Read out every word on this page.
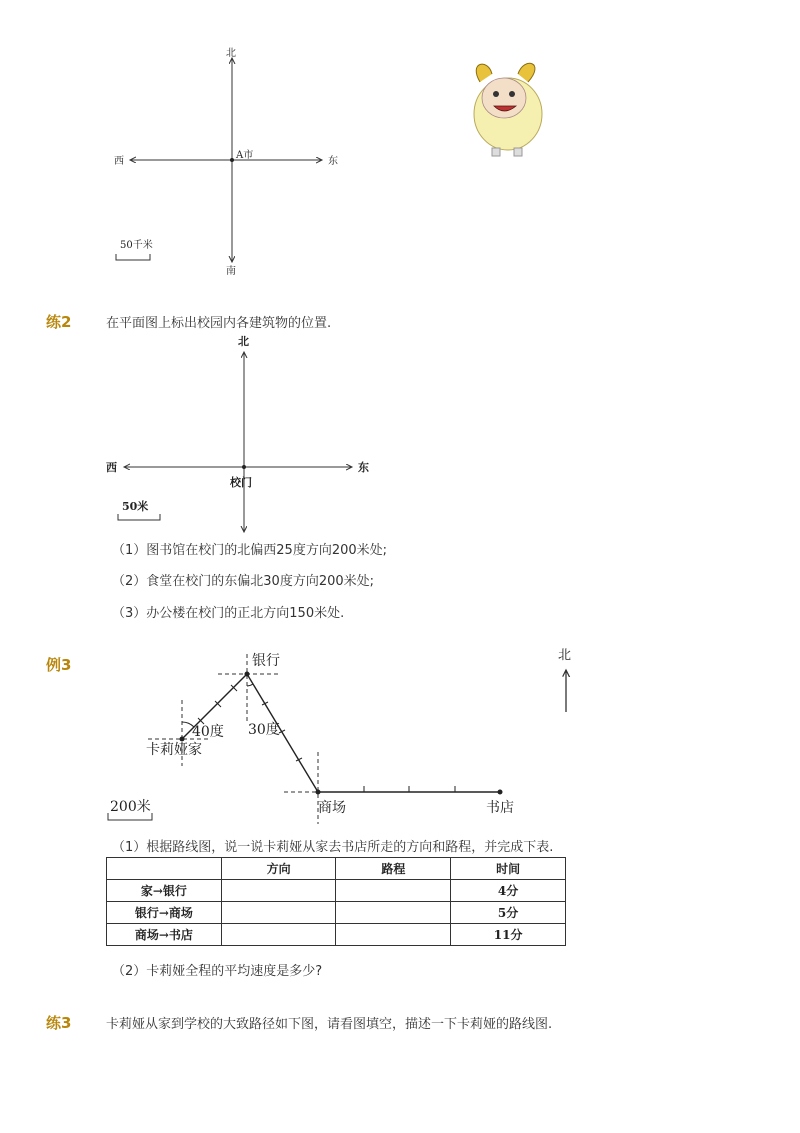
北
南
西	东
A市
50千米
练2	在平面图上标出校园内各建筑物的位置.
北
西	东
校门
50米
（1）图书馆在校门的北偏西25度方向200米处;
（2）食堂在校门的东偏北30度方向200米处;
（3）办公楼在校门的正北方向150米处.
例3	银行
卡莉娅家
商场	书店
40度 30度
北
200米
（1）根据路线图，说一说卡莉娅从家去书店所走的方向和路程，并完成下表.
	方向	路程	时间
家→银行			4分
银行→商场			5分
商场→书店			11分
（2）卡莉娅全程的平均速度是多少?
练3	卡莉娅从家到学校的大致路径如下图，请看图填空，描述一下卡莉娅的路线图.
